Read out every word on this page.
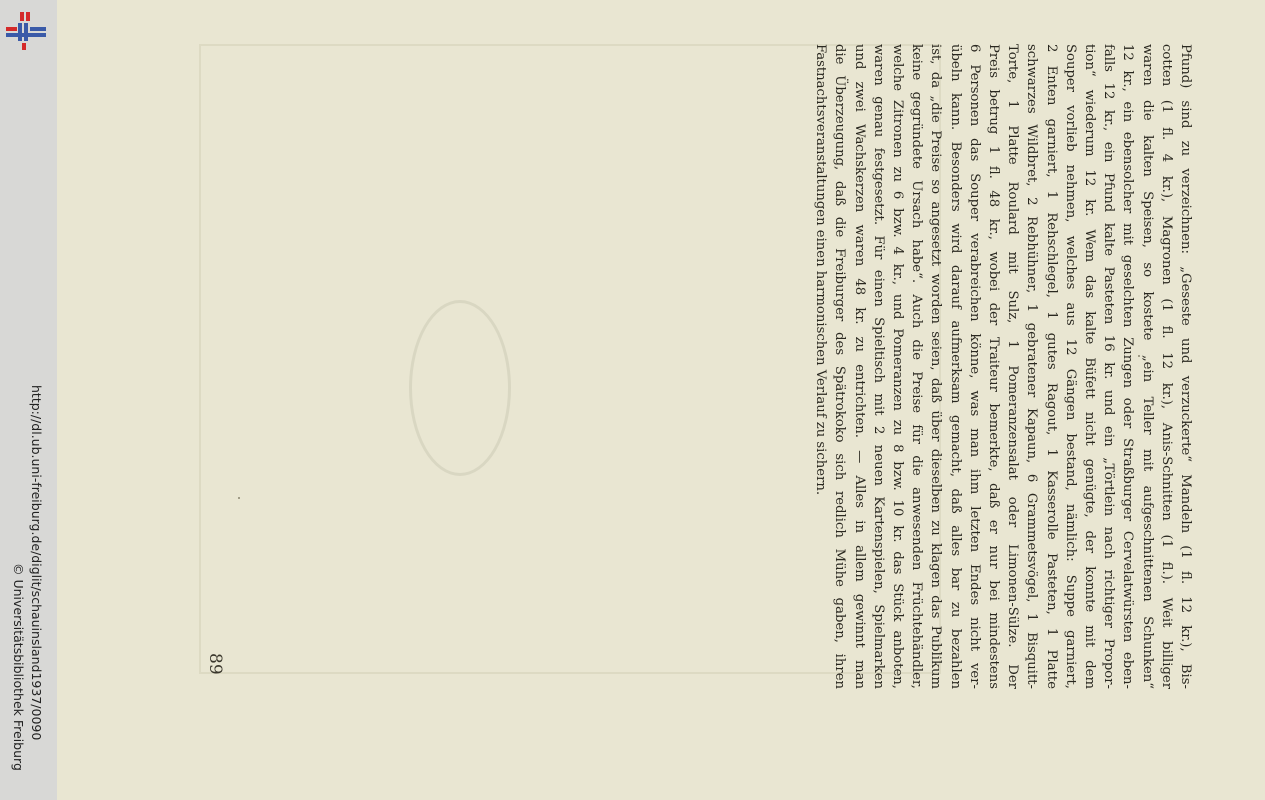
http://dl.ub.uni-freiburg.de/diglit/schauinsland1937/0090
© Universitätsbibliothek Freiburg	Pfund) sind zu verzeichnen: „Geseste und verzuckerte“ Mandeln (1 fl. 12 kr.), Bis-
cotten (1 fl. 4 kr.), Magronen (1 fl. 12 kr.), Anis-Schnitten (1 fl.). Weit billiger
waren die kalten Speisen, so kostete „ein Teller mit aufgeschnittenen Schunken“
12 kr., ein ebensolcher mit geselchten Zungen oder Straßburger Cervelatwürsten eben-
falls 12 kr., ein Pfund kalte Pasteten 16 kr. und ein „Törtlein nach richtiger Propor-
tion“ wiederum 12 kr. Wem das kalte Büfett nicht genügte, der konnte mit dem
Souper vorlieb nehmen, welches aus 12 Gängen bestand, nämlich: Suppe garniert,
2 Enten garniert, 1 Rehschlegel, 1 gutes Ragout, 1 Kasserolle Pasteten, 1 Platte
schwarzes Wildbret, 2 Rebhühner, 1 gebratener Kapaun, 6 Grammetsvögel, 1 Bisquitt-
Torte, 1 Platte Roulard mit Sulz, 1 Pomeranzensalat oder Limonen-Sülze. Der
Preis betrug 1 fl. 48 kr., wobei der Traiteur bemerkte, daß er nur bei mindestens
6 Personen das Souper verabreichen könne, was man ihm letzten Endes nicht ver-
übeln kann. Besonders wird darauf aufmerksam gemacht, daß alles bar zu bezahlen
ist, da „die Preise so angesetzt worden seien, daß über dieselben zu klagen das Publikum
keine gegründete Ursach habe“. Auch die Preise für die anwesenden Früchtehändler,
welche Zitronen zu 6 bzw. 4 kr., und Pomeranzen zu 8 bzw. 10 kr. das Stück anboten,
waren genau festgesetzt. Für einen Spieltisch mit 2 neuen Kartenspielen, Spielmarken
und zwei Wachskerzen waren 48 kr. zu entrichten. — Alles in allem gewinnt man
die Überzeugung, daß die Freiburger des Spätrokoko sich redlich Mühe gaben, ihren
Fastnachtsveranstaltungen einen harmonischen Verlauf zu sichern.
89
